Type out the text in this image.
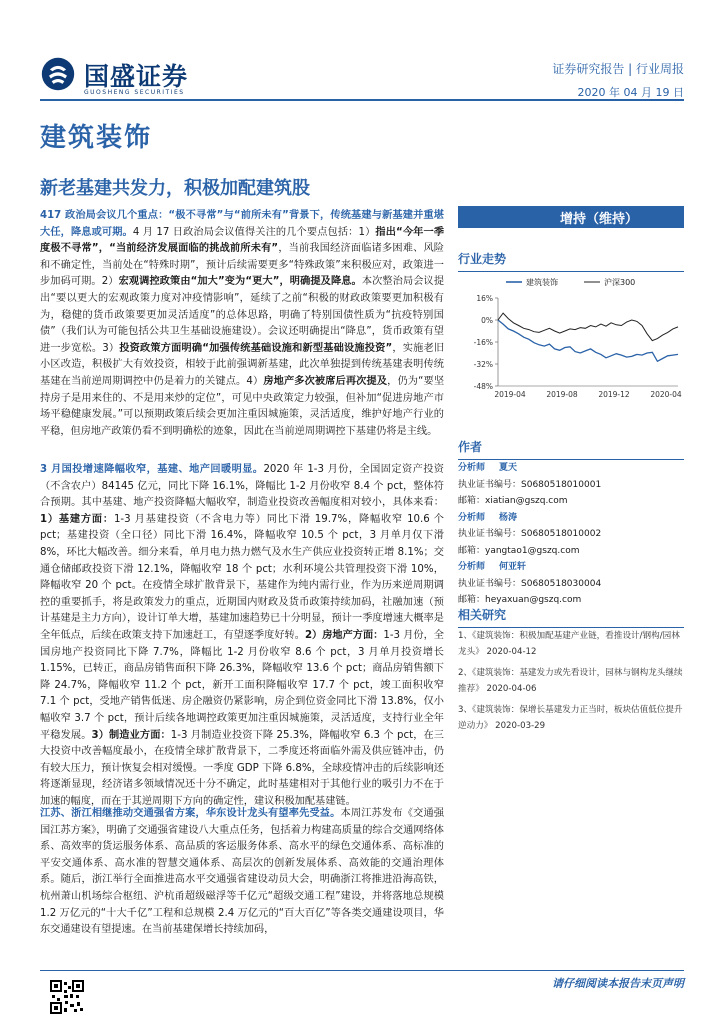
国盛证券
GUOSHENG SECURITIES
证券研究报告 | 行业周报
2020 年 04 月 19 日
建筑装饰
新老基建共发力，积极加配建筑股

417 政治局会议几个重点：“极不寻常”与“前所未有”背景下，传统基建与新基建并重堪大任，降息或可期。4 月 17 日政治局会议值得关注的几个要点包括：1）指出“今年一季度极不寻常”，“当前经济发展面临的挑战前所未有”，当前我国经济面临诸多困难、风险和不确定性，当前处在“特殊时期”，预计后续需要更多“特殊政策”来积极应对，政策进一步加码可期。2）宏观调控政策由“加大”变为“更大”，明确提及降息。本次整治局会议提出“要以更大的宏观政策力度对冲疫情影响”，延续了之前“积极的财政政策要更加积极有为，稳健的货币政策要更加灵活适度”的总体思路，明确了特别国债性质为“抗疫特别国债”（我们认为可能包括公共卫生基础设施建设）。会议还明确提出“降息”，货币政策有望进一步宽松。3）投资政策方面明确“加强传统基础设施和新型基础设施投资”，实施老旧小区改造，积极扩大有效投资，相较于此前强调新基建，此次单独提到传统基建表明传统基建在当前逆周期调控中仍是着力的关键点。4）房地产多次被席后再次提及，仍为“要坚持房子是用来住的、不是用来炒的定位”，可见中央政策定力较强，但补加“促进房地产市场平稳健康发展。”可以预期政策后续会更加注重因城施策，灵活适度，维护好地产行业的平稳，但房地产政策仍看不到明确松的迹象，因此在当前逆周期调控下基建仍将是主线。

3 月国投增速降幅收窄，基建、地产回暖明显。2020 年 1-3 月份，全国固定资产投资（不含农户）84145 亿元，同比下降 16.1%，降幅比 1-2 月份收窄 8.4 个 pct，整体符合预期。其中基建、地产投资降幅大幅收窄，制造业投资改善幅度相对较小，具体来看：1）基建方面：1-3 月基建投资（不含电力等）同比下滑 19.7%，降幅收窄 10.6 个 pct；基建投资（全口径）同比下滑 16.4%，降幅收窄 10.5 个 pct，3 月单月仅下滑 8%，环比大幅改善。细分来看，单月电力热力燃气及水生产供应业投资转正增 8.1%；交通仓储邮政投资下滑 12.1%，降幅收窄 18 个 pct；水利环境公共管理投资下滑 10%，降幅收窄 20 个 pct。在疫情全球扩散背景下，基建作为纯内需行业，作为历来逆周期调控的重要抓手，将是政策发力的重点，近期国内财政及货币政策持续加码，社融加速（预计基建是主力方向），设计订单大增，基建加速趋势已十分明显，预计一季度增速大概率是全年低点，后续在政策支持下加速赶工，有望逐季度好转。2）房地产方面：1-3 月份，全国房地产投资同比下降 7.7%，降幅比 1-2 月份收窄 8.6 个 pct，3 月单月投资增长 1.15%，已转正，商品房销售面积下降 26.3%，降幅收窄 13.6 个 pct；商品房销售额下降 24.7%，降幅收窄 11.2 个 pct，新开工面积降幅收窄 17.7 个 pct，竣工面积收窄 7.1 个 pct，受地产销售低迷、房企融资仍紧影响，房企到位资金同比下滑 13.8%，仅小幅收窄 3.7 个 pct，预计后续各地调控政策更加注重因城施策，灵活适度，支持行业全年平稳发展。3）制造业方面：1-3 月制造业投资下降 25.3%，降幅收窄 6.3 个 pct，在三大投资中改善幅度最小，在疫情全球扩散背景下，二季度还将面临外需及供应链冲击，仍有较大压力，预计恢复会相对缓慢。一季度 GDP 下降 6.8%，全球疫情冲击的后续影响还将逐渐显现，经济诸多领域情况还十分不确定，此时基建相对于其他行业的吸引力不在于加速的幅度，而在于其逆周期下方向的确定性，建议积极加配基建链。

江苏、浙江相继推动交通强省方案，华东设计龙头有望率先受益。本周江苏发布《交通强国江苏方案》，明确了交通强省建设八大重点任务，包括着力构建高质量的综合交通网络体系、高效率的货运服务体系、高品质的客运服务体系、高水平的绿色交通体系、高标准的平安交通体系、高水准的智慧交通体系、高层次的创新发展体系、高效能的交通治理体系。随后，浙江举行全面推进高水平交通强省建设动员大会，明确浙江将推进沿海高铁，杭州萧山机场综合枢纽、沪杭甬超级磁浮等千亿元“超级交通工程”建设，并将落地总规模 1.2 万亿元的“十大千亿”工程和总规模 2.4 万亿元的“百大百亿”等各类交通建设项目，华东交通建设有望提速。在当前基建保增长持续加码，

增持（维持）
行业走势
16%
0%
-16%
-32%
-48%
2019-04	2019-08	2019-12	2020-04
建筑装饰	沪深300
作者
分析师 夏天
执业证书编号：S0680518010001
邮箱：xiatian@gszq.com
分析师 杨涛
执业证书编号：S0680518010002
邮箱：yangtao1@gszq.com
分析师 何亚轩
执业证书编号：S0680518030004
邮箱：heyaxuan@gszq.com
相关研究
1、《建筑装饰：积极加配基建产业链，看推设计/钢构/园林龙头》 2020-04-12
2、《建筑装饰：基建发力或先看设计，园林与钢构龙头继续推荐》 2020-04-06
3、《建筑装饰：保增长基建发力正当时，板块估值低位提升逆动力》 2020-03-29
请仔细阅读本报告末页声明
